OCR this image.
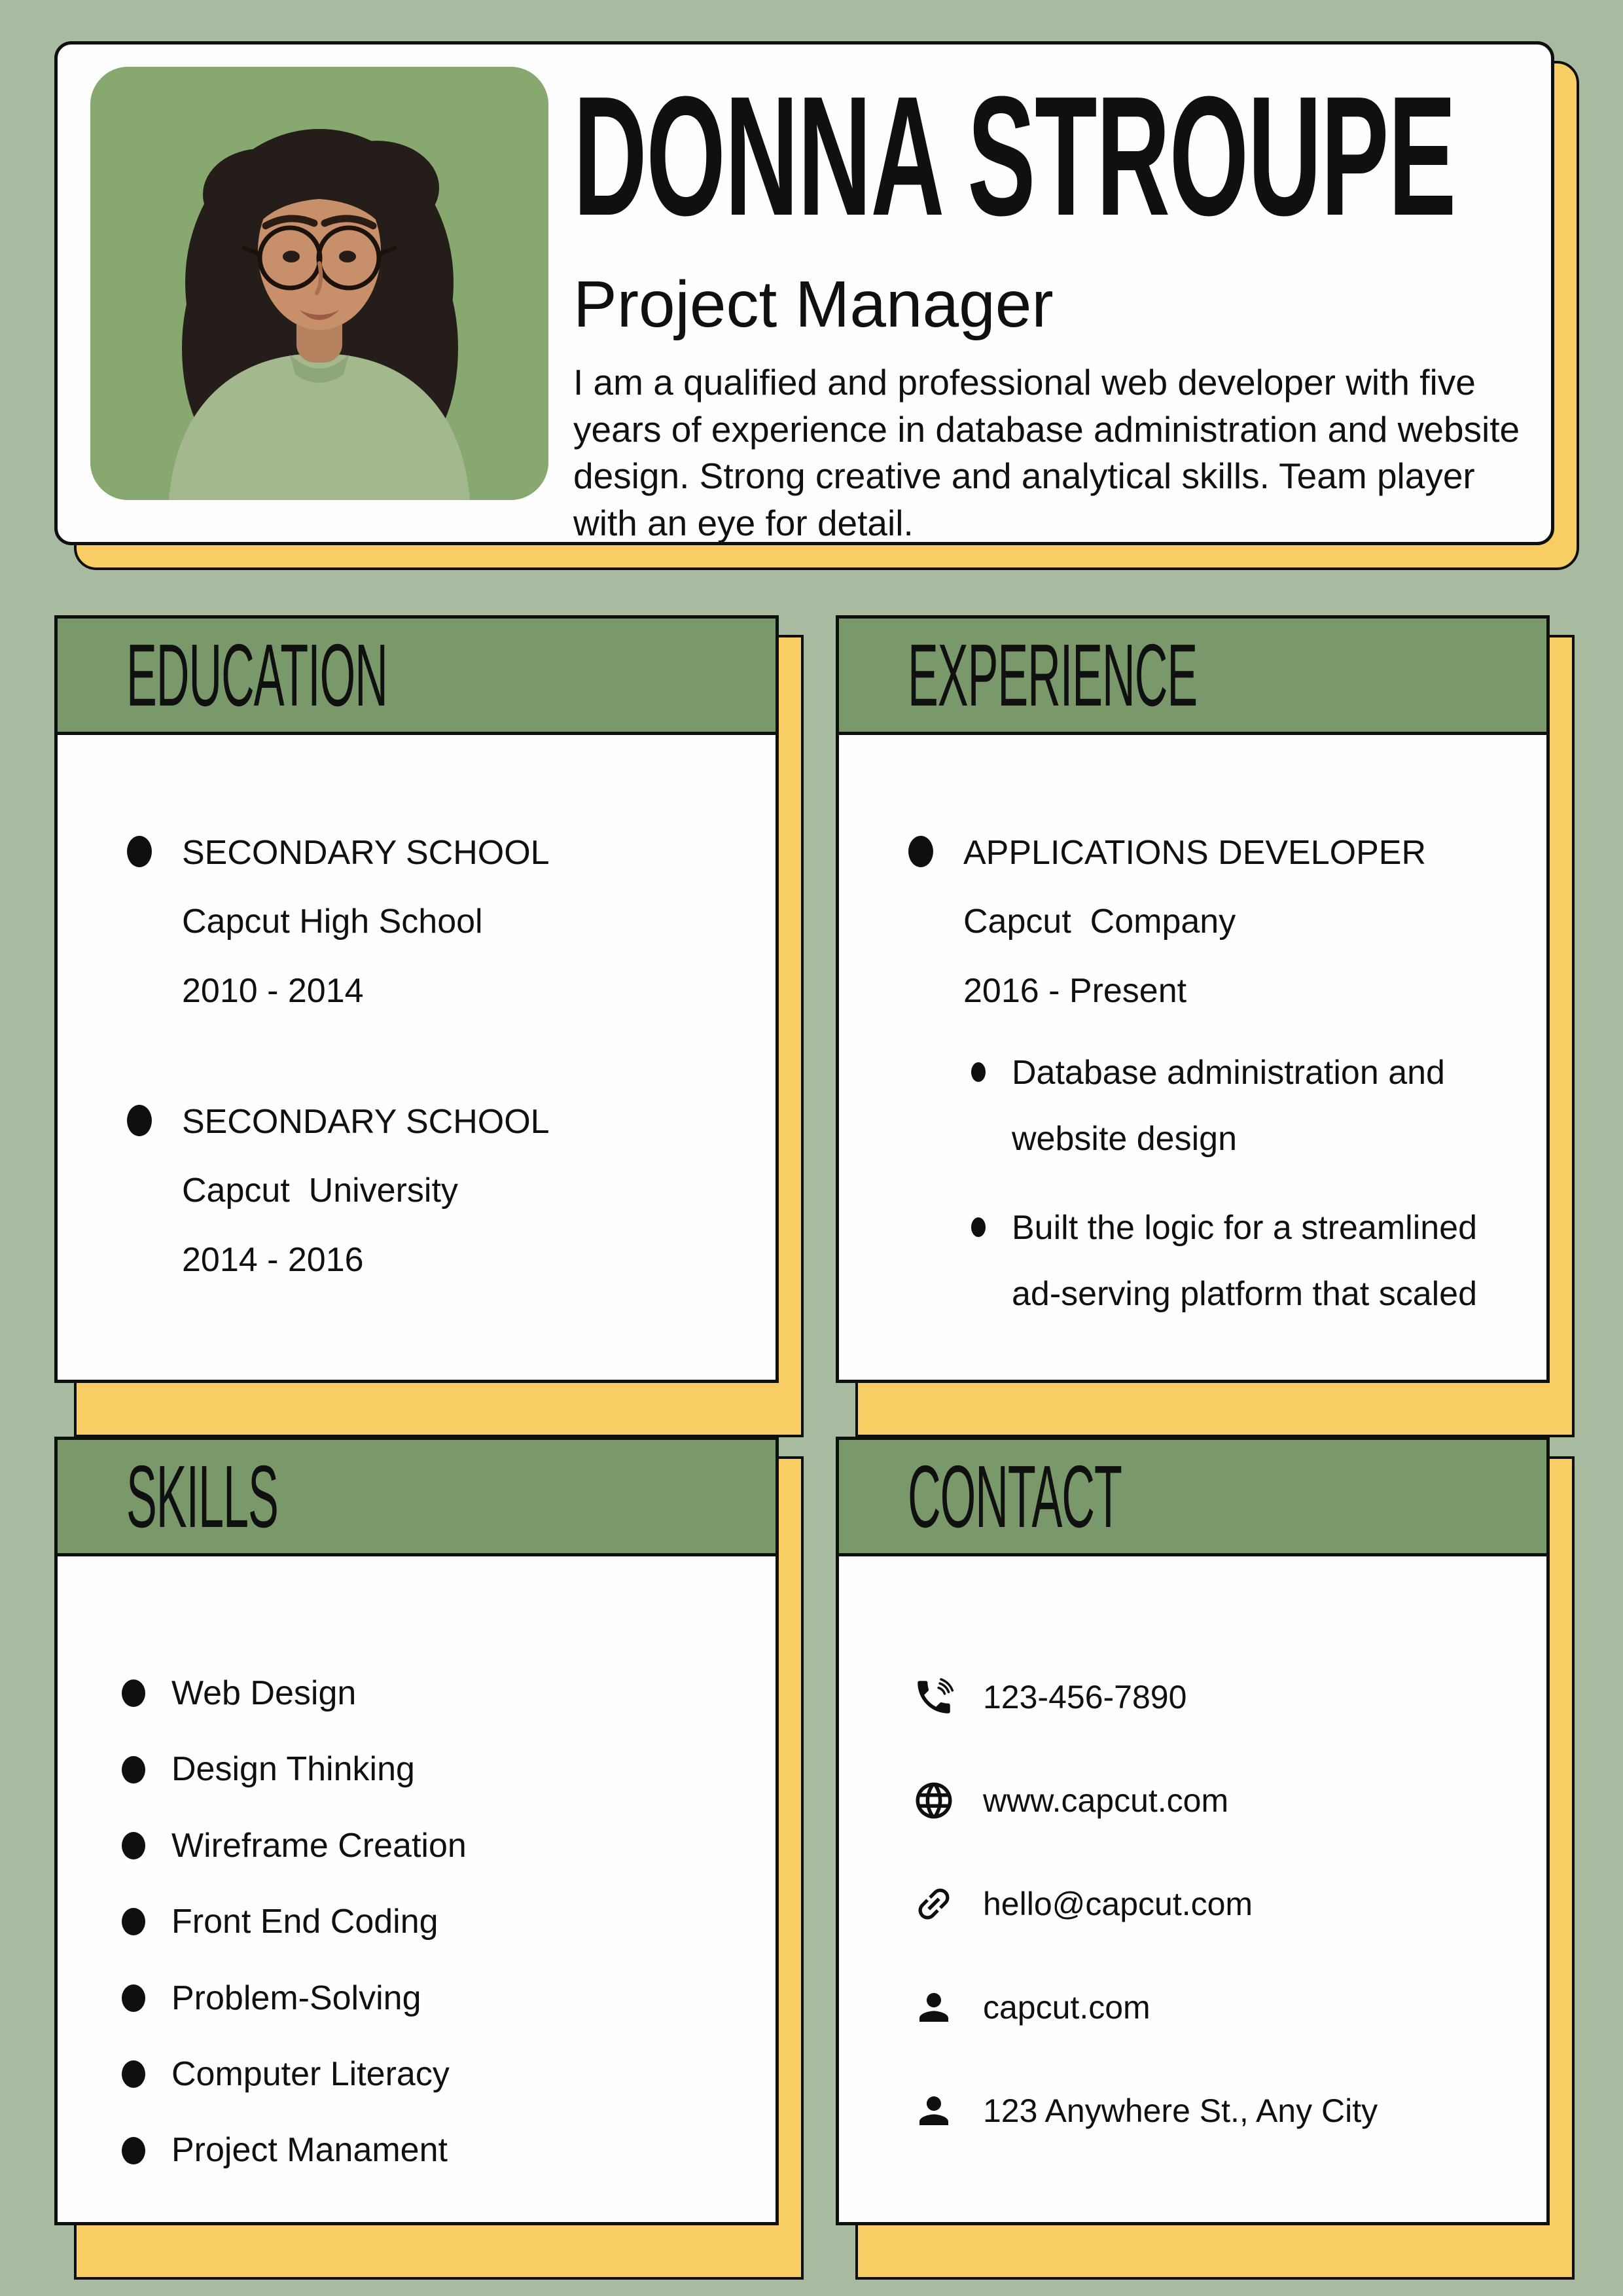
DONNA STROUPE
Project Manager

I am a qualified and professional web developer with five years of experience in database administration and website design. Strong creative and analytical skills. Team player with an eye for detail.

EDUCATION
SECONDARY SCHOOL
Capcut High School
2010 - 2014
SECONDARY SCHOOL
Capcut  University
2014 - 2016
EXPERIENCE
APPLICATIONS DEVELOPER
Capcut  Company
2016 - Present
Database administration and website design
Built the logic for a streamlined ad-serving platform that scaled
SKILLS
Web Design
Design Thinking
Wireframe Creation
Front End Coding
Problem-Solving
Computer Literacy
Project Manament
CONTACT
123-456-7890
www.capcut.com
hello@capcut.com
capcut.com
123 Anywhere St., Any City
